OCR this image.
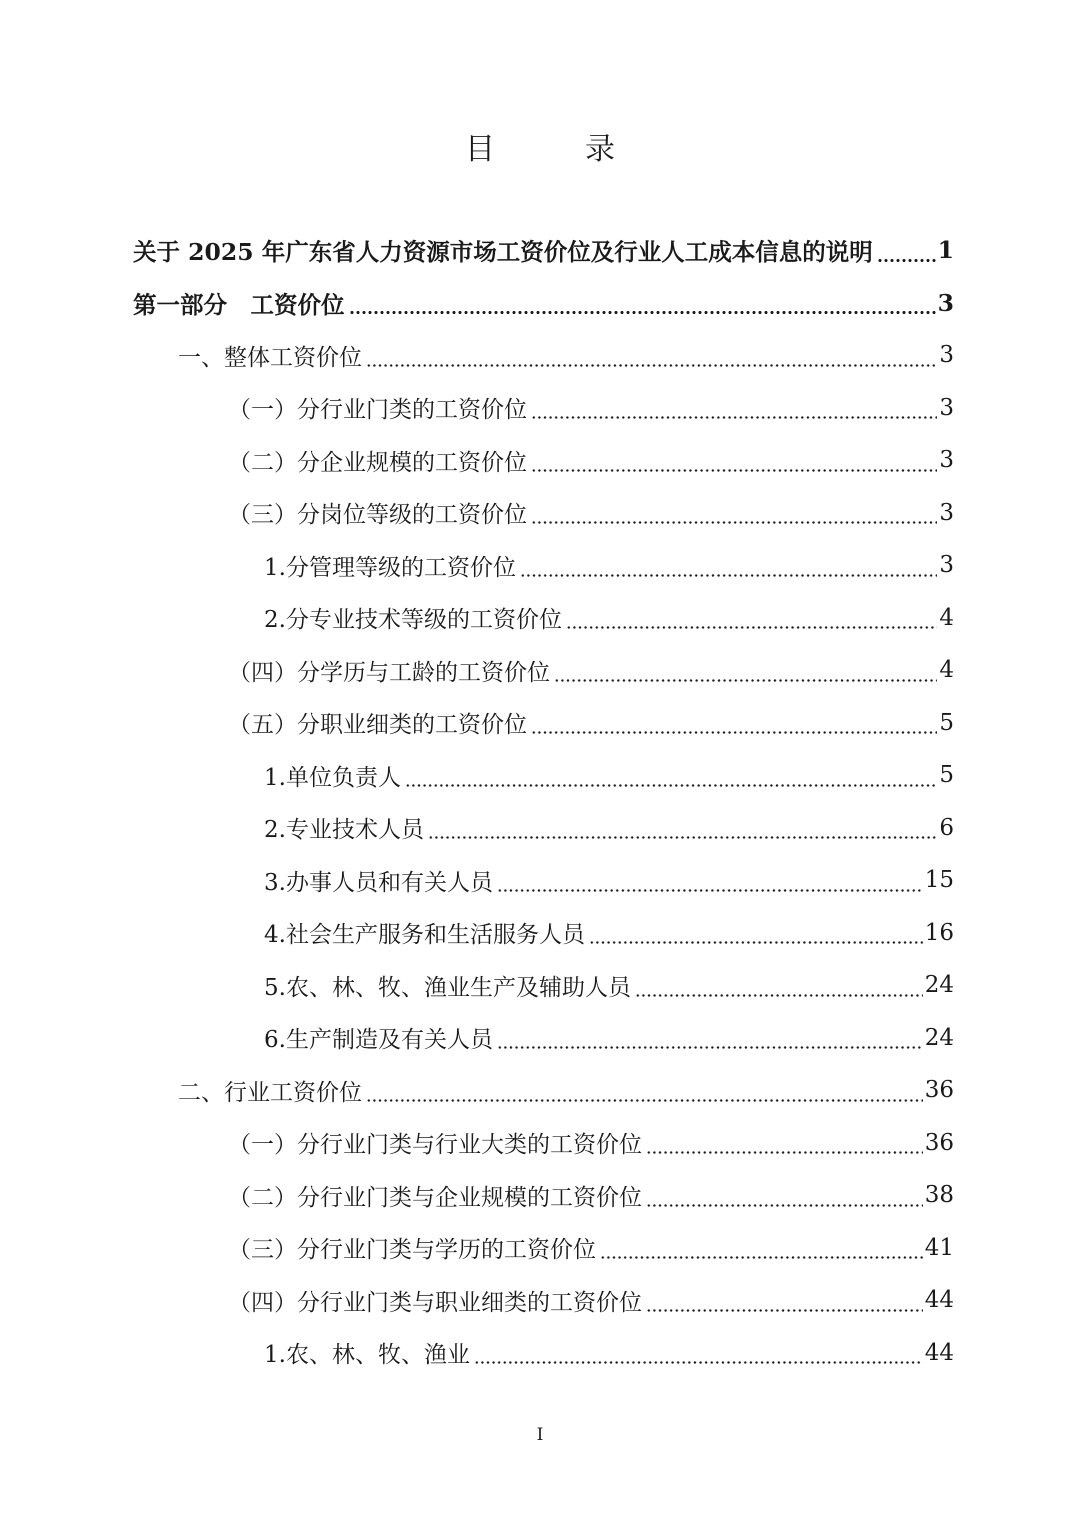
目　录
关于 2025 年广东省人力资源市场工资价位及行业人工成本信息的说明	1
第一部分　工资价位	3
一、整体工资价位	3
（一）分行业门类的工资价位	3
（二）分企业规模的工资价位	3
（三）分岗位等级的工资价位	3
1.分管理等级的工资价位	3
2.分专业技术等级的工资价位	4
（四）分学历与工龄的工资价位	4
（五）分职业细类的工资价位	5
1.单位负责人	5
2.专业技术人员	6
3.办事人员和有关人员	15
4.社会生产服务和生活服务人员	16
5.农、林、牧、渔业生产及辅助人员	24
6.生产制造及有关人员	24
二、行业工资价位	36
（一）分行业门类与行业大类的工资价位	36
（二）分行业门类与企业规模的工资价位	38
（三）分行业门类与学历的工资价位	41
（四）分行业门类与职业细类的工资价位	44
1.农、林、牧、渔业	44
I
